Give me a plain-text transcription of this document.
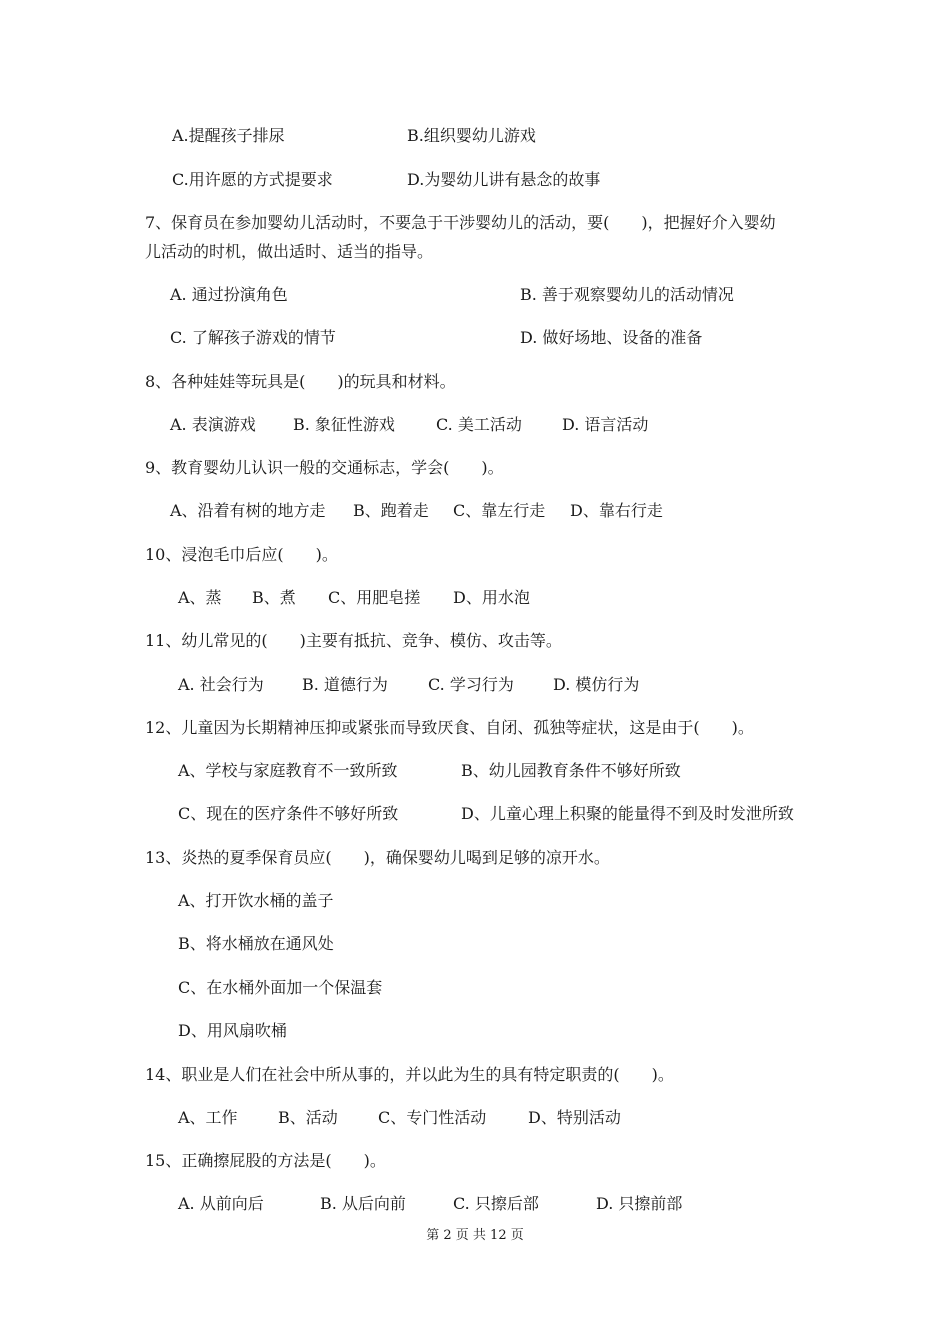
A.提醒孩子排尿

	B.组织婴幼儿游戏

C.用许愿的方式提要求

	D.为婴幼儿讲有悬念的故事

7、保育员在参加婴幼儿活动时，不要急于干涉婴幼儿的活动，要(　　)，把握好介入婴幼
儿活动的时机，做出适时、适当的指导。

A. 通过扮演角色

	B. 善于观察婴幼儿的活动情况

C. 了解孩子游戏的情节

	D. 做好场地、设备的准备

8、各种娃娃等玩具是(　　)的玩具和材料。

A. 表演游戏

B. 象征性游戏

	C. 美工活动

	D. 语言活动

9、教育婴幼儿认识一般的交通标志，学会(　　)。

A、沿着有树的地方走

B、跑着走

C、靠左行走

D、靠右行走

10、浸泡毛巾后应(　　)。

A、蒸

B、煮

C、用肥皂搓

D、用水泡

11、幼儿常见的(　　)主要有抵抗、竞争、模仿、攻击等。

A. 社会行为

B. 道德行为

	C. 学习行为

D. 模仿行为

12、儿童因为长期精神压抑或紧张而导致厌食、自闭、孤独等症状，这是由于(　　)。

A、学校与家庭教育不一致所致

	B、幼儿园教育条件不够好所致

C、现在的医疗条件不够好所致

	D、儿童心理上积聚的能量得不到及时发泄所致

13、炎热的夏季保育员应(　　)，确保婴幼儿喝到足够的凉开水。
A、打开饮水桶的盖子
B、将水桶放在通风处
C、在水桶外面加一个保温套
D、用风扇吹桶
14、职业是人们在社会中所从事的，并以此为生的具有特定职责的(　　)。

A、工作

	B、活动

	C、专门性活动

	D、特别活动

15、正确擦屁股的方法是(　　)。

A. 从前向后

	B. 从后向前

	C. 只擦后部

	D. 只擦前部

第 2 页 共 12 页
